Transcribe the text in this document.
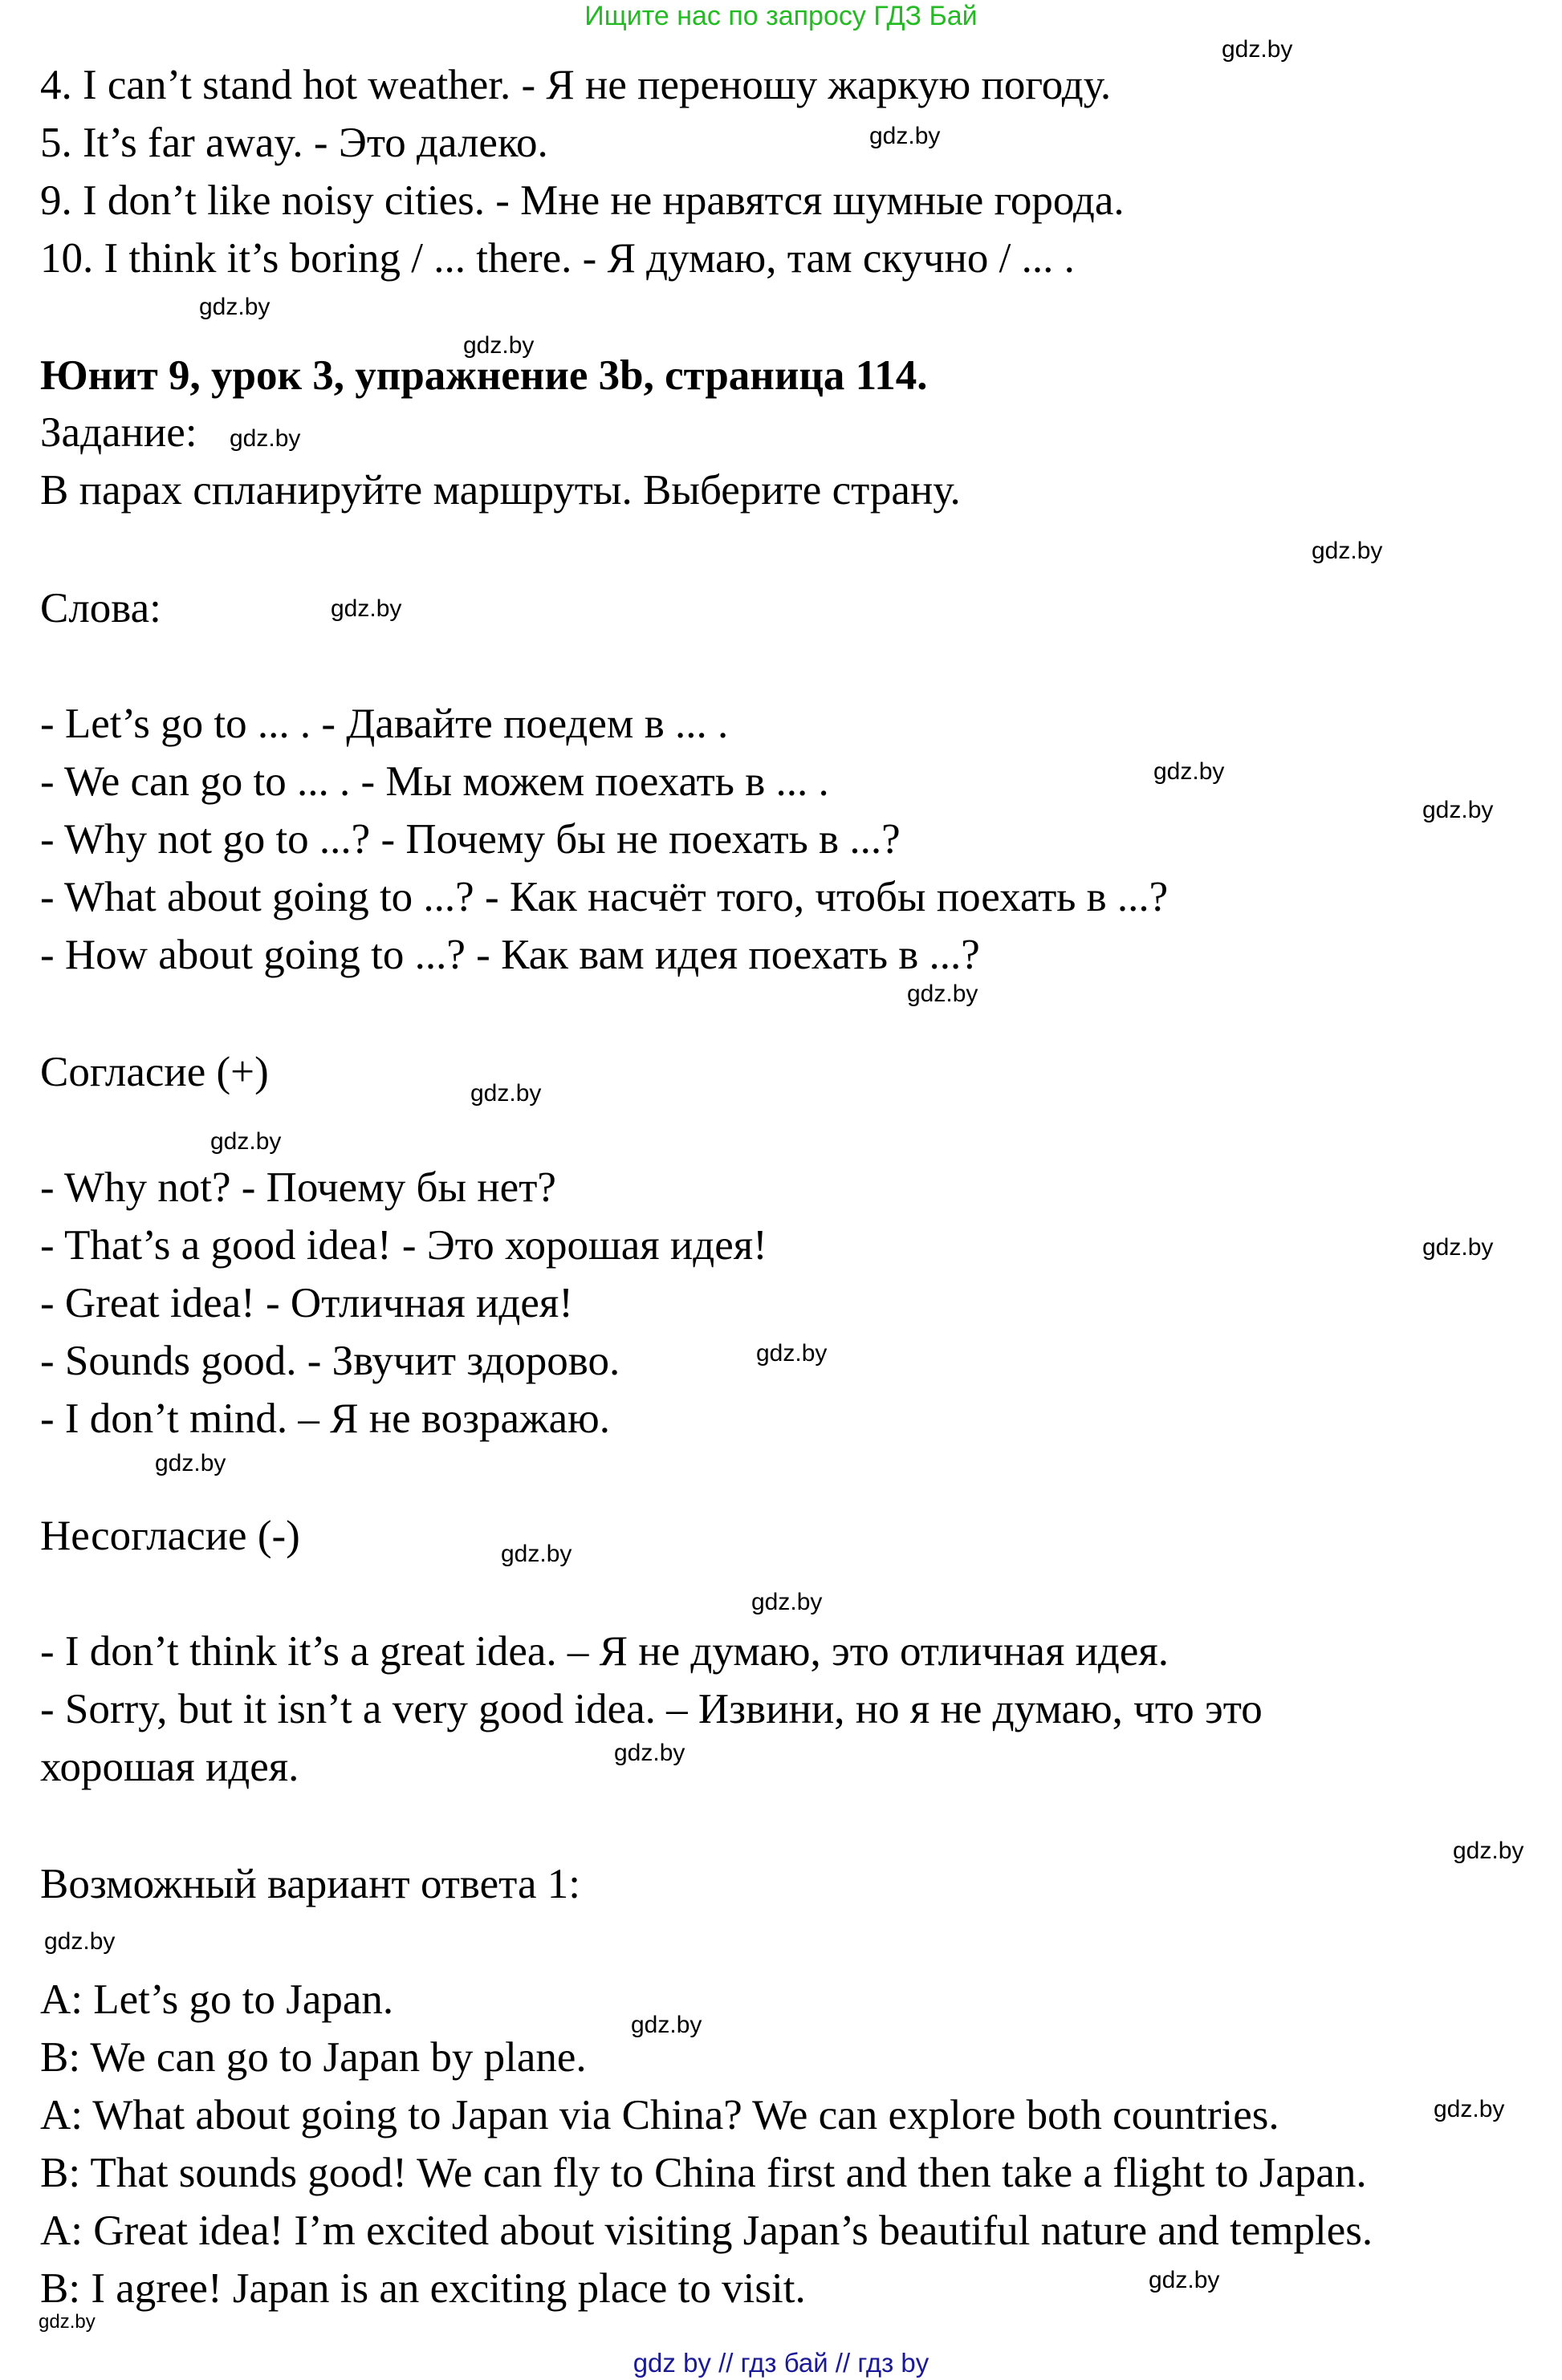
Ищите нас по запросу ГДЗ Бай
4. I can’t stand hot weather. - Я не переношу жаркую погоду.
5. It’s far away. - Это далеко.
9. I don’t like noisy cities. - Мне не нравятся шумные города.
10. I think it’s boring / ... there. - Я думаю, там скучно / ... .
Юнит 9, урок 3, упражнение 3b, страница 114.
Задание:
В парах спланируйте маршруты. Выберите страну.
Слова:
- Let’s go to ... . - Давайте поедем в ... .
- We can go to ... . - Мы можем поехать в ... .
- Why not go to ...? - Почему бы не поехать в ...?
- What about going to ...? - Как насчёт того, чтобы поехать в ...?
- How about going to ...? - Как вам идея поехать в ...?
Согласие (+)
- Why not? - Почему бы нет?
- That’s a good idea! - Это хорошая идея!
- Great idea! - Отличная идея!
- Sounds good. - Звучит здорово.
- I don’t mind. – Я не возражаю.
Несогласие (-)
- I don’t think it’s a great idea. – Я не думаю, это отличная идея.
- Sorry, but it isn’t a very good idea. – Извини, но я не думаю, что это
хорошая идея.
Возможный вариант ответа 1:
A: Let’s go to Japan.
B: We can go to Japan by plane.
A: What about going to Japan via China? We can explore both countries.
B: That sounds good! We can fly to China first and then take a flight to Japan.
A: Great idea! I’m excited about visiting Japan’s beautiful nature and temples.
B: I agree! Japan is an exciting place to visit.
gdz.by
gdz.by
gdz.by
gdz.by
gdz.by
gdz.by
gdz.by
gdz.by
gdz.by
gdz.by
gdz.by
gdz.by
gdz.by
gdz.by
gdz.by
gdz.by
gdz.by
gdz.by
gdz.by
gdz.by
gdz.by
gdz.by
gdz.by
gdz.by
gdz by // гдз бай // гдз by
